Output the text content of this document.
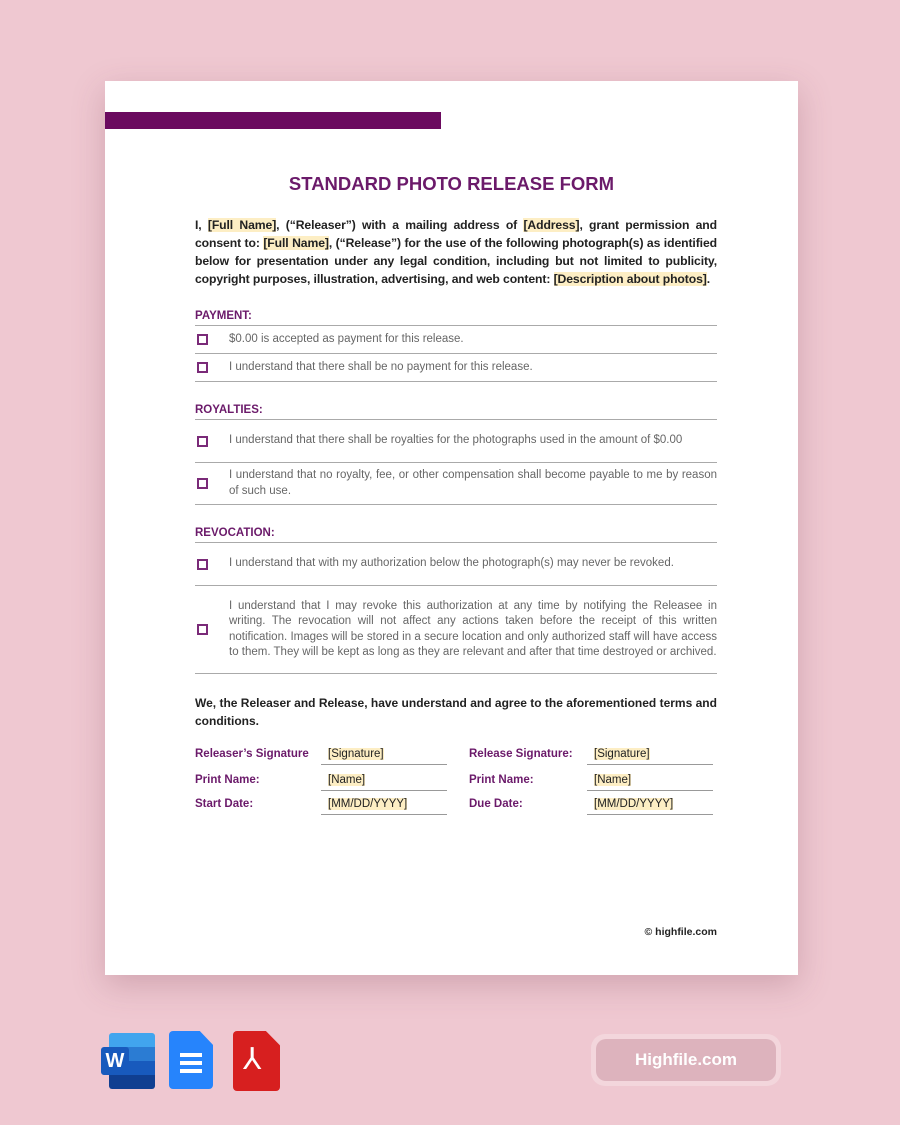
STANDARD PHOTO RELEASE FORM

I, [Full Name], (“Releaser”) with a mailing address of [Address], grant permission and consent to: [Full Name], (“Release”) for the use of the following photograph(s) as identified below for presentation under any legal condition, including but not limited to publicity, copyright purposes, illustration, advertising, and web content: [Description about photos].

PAYMENT:
$0.00 is accepted as payment for this release.
I understand that there shall be no payment for this release.
ROYALTIES:
I understand that there shall be royalties for the photographs used in the amount of $0.00
I understand that no royalty, fee, or other compensation shall become payable to me by reason of such use.
REVOCATION:
I understand that with my authorization below the photograph(s) may never be revoked.
I understand that I may revoke this authorization at any time by notifying the Releasee in writing. The revocation will not affect any actions taken before the receipt of this written notification. Images will be stored in a secure location and only authorized staff will have access to them. They will be kept as long as they are relevant and after that time destroyed or archived.

We, the Releaser and Release, have understand and agree to the aforementioned terms and conditions.

Releaser’s Signature	[Signature]
Print Name:	[Name]
Start Date:	[MM/DD/YYYY]
Release Signature:	[Signature]
Print Name:	[Name]
Due Date:	[MM/DD/YYYY]
© highfile.com
W	⅄	Highfile.com
